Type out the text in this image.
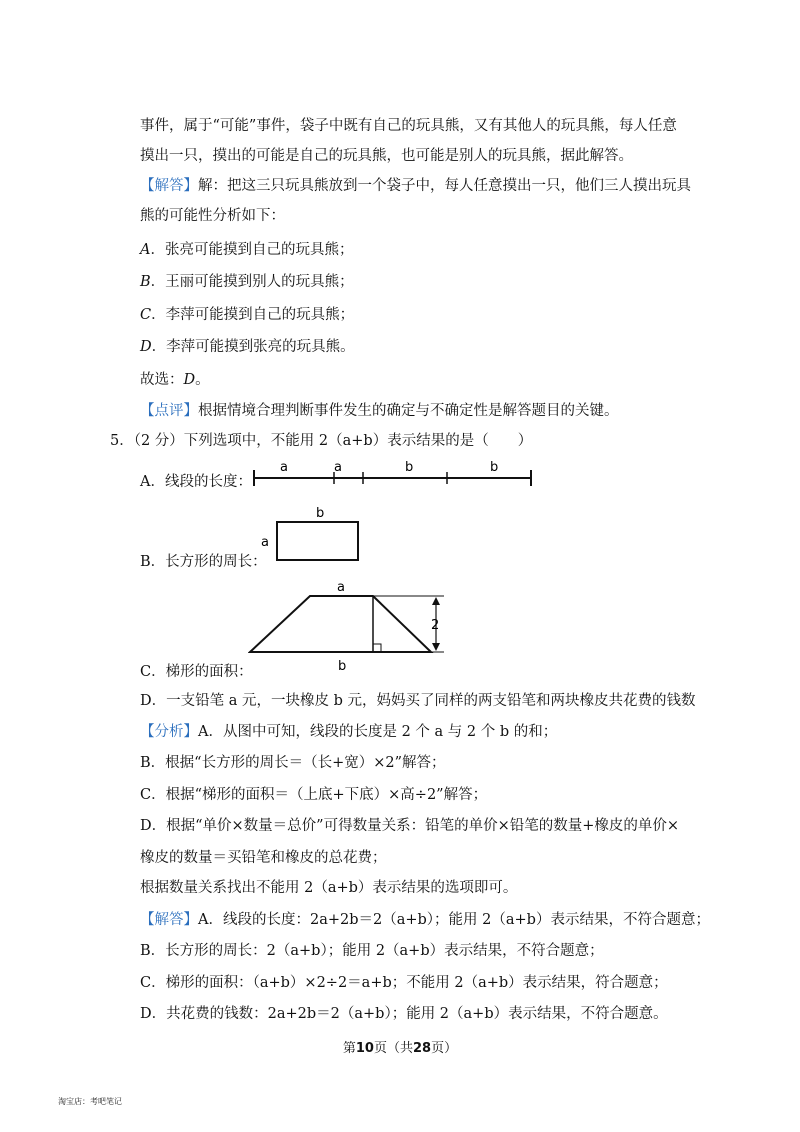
事件，属于“可能”事件，袋子中既有自己的玩具熊，又有其他人的玩具熊，每人任意
摸出一只，摸出的可能是自己的玩具熊，也可能是别人的玩具熊，据此解答。
【解答】解：把这三只玩具熊放到一个袋子中，每人任意摸出一只，他们三人摸出玩具
熊的可能性分析如下：
A．张亮可能摸到自己的玩具熊；
B．王丽可能摸到别人的玩具熊；
C．李萍可能摸到自己的玩具熊；
D．李萍可能摸到张亮的玩具熊。
故选：D。
【点评】根据情境合理判断事件发生的确定与不确定性是解答题目的关键。
5．（2 分）下列选项中，不能用 2（a+b）表示结果的是（　　）
A．线段的长度：
a	a	b	b
B．长方形的周长：
b
a
C．梯形的面积：
a
b
2
D．一支铅笔 a 元，一块橡皮 b 元，妈妈买了同样的两支铅笔和两块橡皮共花费的钱数
【分析】A．从图中可知，线段的长度是 2 个 a 与 2 个 b 的和；
B．根据“长方形的周长＝（长+宽）×2”解答；
C．根据“梯形的面积＝（上底+下底）×高÷2”解答；
D．根据“单价×数量＝总价”可得数量关系：铅笔的单价×铅笔的数量+橡皮的单价×
橡皮的数量＝买铅笔和橡皮的总花费；
根据数量关系找出不能用 2（a+b）表示结果的选项即可。
【解答】A．线段的长度：2a+2b＝2（a+b）；能用 2（a+b）表示结果，不符合题意；
B．长方形的周长：2（a+b）；能用 2（a+b）表示结果，不符合题意；
C．梯形的面积：（a+b）×2÷2＝a+b；不能用 2（a+b）表示结果，符合题意；
D．共花费的钱数：2a+2b＝2（a+b）；能用 2（a+b）表示结果，不符合题意。
第10页（共28页）
淘宝店：考吧笔记
